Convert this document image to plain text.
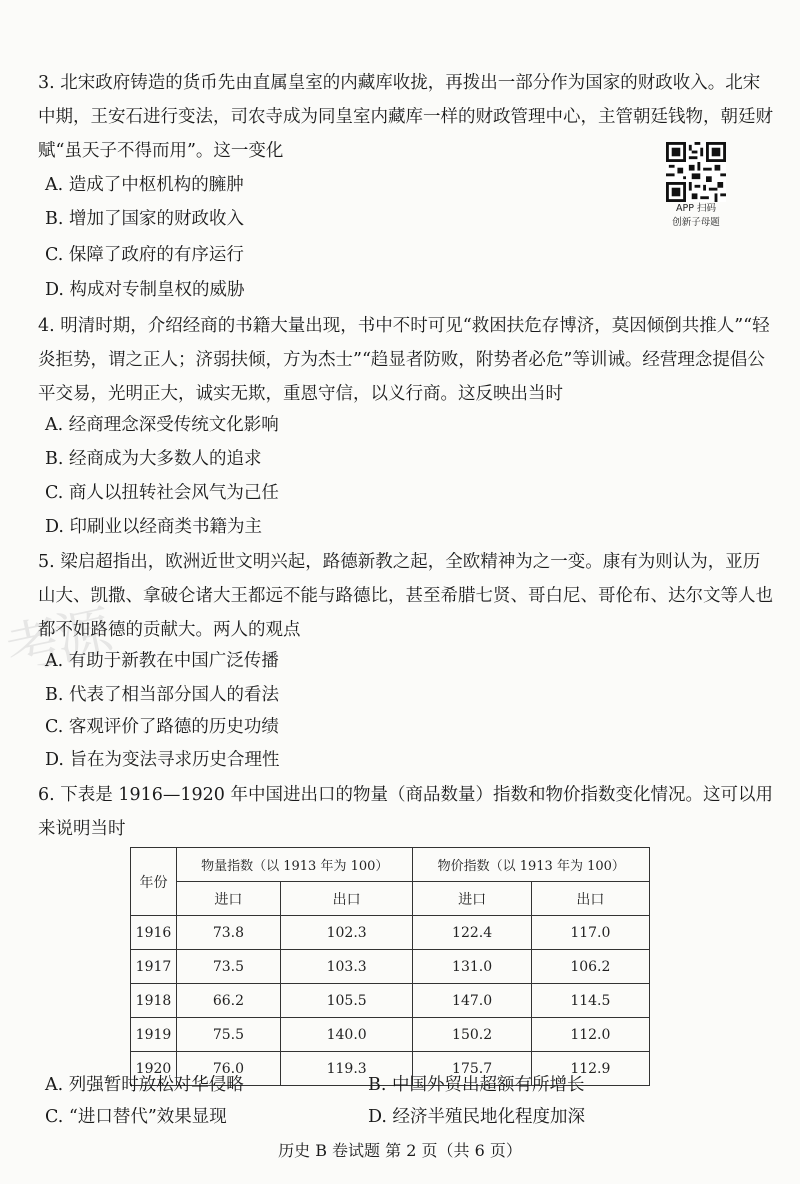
考源

3. 北宋政府铸造的货币先由直属皇室的内藏库收拢，再拨出一部分作为国家的财政收入。北宋中期，王安石进行变法，司农寺成为同皇室内藏库一样的财政管理中心，主管朝廷钱物，朝廷财赋“虽天子不得而用”。这一变化

A. 造成了中枢机构的臃肿
B. 增加了国家的财政收入
C. 保障了政府的有序运行
D. 构成对专制皇权的威胁
APP 扫码
创新子母题

4. 明清时期，介绍经商的书籍大量出现，书中不时可见“救困扶危存博济，莫因倾倒共推人”“轻炎拒势，谓之正人；济弱扶倾，方为杰士”“趋显者防败，附势者必危”等训诫。经营理念提倡公平交易，光明正大，诚实无欺，重恩守信，以义行商。这反映出当时

A. 经商理念深受传统文化影响
B. 经商成为大多数人的追求
C. 商人以扭转社会风气为己任
D. 印刷业以经商类书籍为主

5. 梁启超指出，欧洲近世文明兴起，路德新教之起，全欧精神为之一变。康有为则认为，亚历山大、凯撒、拿破仑诸大王都远不能与路德比，甚至希腊七贤、哥白尼、哥伦布、达尔文等人也都不如路德的贡献大。两人的观点

A. 有助于新教在中国广泛传播
B. 代表了相当部分国人的看法
C. 客观评价了路德的历史功绩
D. 旨在为变法寻求历史合理性

6. 下表是 1916—1920 年中国进出口的物量（商品数量）指数和物价指数变化情况。这可以用来说明当时

年份	物量指数（以 1913 年为 100）		物价指数（以 1913 年为 100）	
	进口	出口	进口	出口
1916	73.8	102.3	122.4	117.0
1917	73.5	103.3	131.0	106.2
1918	66.2	105.5	147.0	114.5
1919	75.5	140.0	150.2	112.0
1920	76.0	119.3	175.7	112.9
A. 列强暂时放松对华侵略	B. 中国外贸出超额有所增长
C. “进口替代”效果显现	D. 经济半殖民地化程度加深
历史 B 卷试题 第 2 页（共 6 页）
